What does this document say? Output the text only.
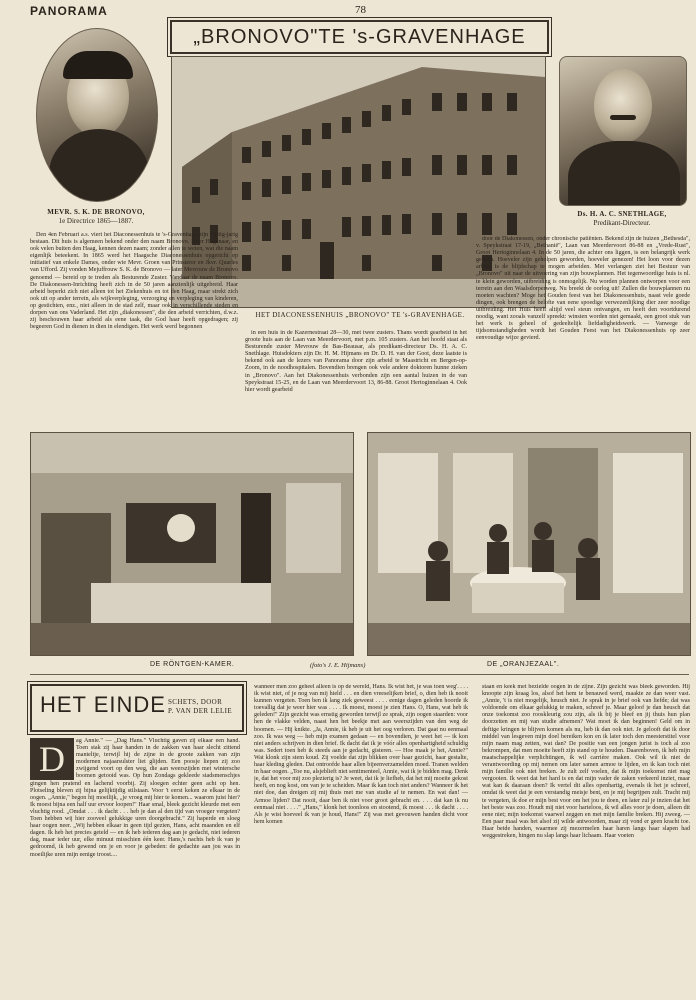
PANORAMA	78
„BRONOVO"TE 's-GRAVENHAGE
MEVR. S. K. DE BRONOVO,
1e Directrice 1865—1887.
HET DIACONESSENHUIS „BRONOVO" TE 's-GRAVENHAGE.
Ds. H. A. C. SNETHLAGE,
Predikant-Directeur.

Den 4en Februari a.s. viert het Diaconessenhuis te 's-Gravenhage zijn vijftig-jarig bestaan. Dit huis is algemeen bekend onder den naam Bronovo. Ieder Hagenaar, en ook velen buiten den Haag, kennen dezen naam; zonder allen te weten, wat die naam eigenlijk beteekent. In 1865 werd het Haagsche Diaconessenhuis opgericht op initiatief van enkele Dames, onder wie Mevr. Groen van Prinsterer en Jkvr. Quarles van Ufford. Zij vonden Mejuffrouw S. K. de Bronovo — later Mevrouw de Bronovo genoemd — bereid op te treden als Besturende Zuster. Vandaar de naam Bronovo. De Diakonessen-Inrichting heeft zich in de 50 jaren aanzienlijk uitgebreid. Haar arbeid beperkt zich niet alleen tot het Ziekenhuis en tot den Haag, maar strekt zich ook uit op ander terrein, als wijkverpleging, verzorging en verpleging van kinderen, op gestichten, enz., niet alleen in de stad zelf, maar ook in verschillende steden en dorpen van ons Vaderland. Het zijn „diakonessen", die den arbeid verrichten, d.w.z. zij beschouwen haar arbeid als eene taak, die God haar heeft opgedragen; zij begeeren God in dienen in dien in elendigen. Het werk werd begonnen

in een huis in de Kazernestraat 28—30, met twee zusters. Thans wordt gearbeid in het groote huis aan de Laan van Meerdervoort, met p.m. 105 zusters. Aan het hoofd staat als Besturende zuster Mevrouw de Bas-Beausar, als predikant-directeur Ds. H. A. C. Snethlage. Huisdokters zijn Dr. H. M. Hijmans en Dr. D. H. van der Goot, deze laatste is bekend ook aan de lezers van Panorama door zijn arbeid te Maastricht en Bergen-op-Zoom, in de noodhospitalen. Bovendien brengen ook vele andere doktoren hunne zieken in „Bronovo". Aan het Diakonessenhuis verbonden zijn een aantal huizen in de van Speykstraat 15-25, en de Laan van Meerdervoort 13, 86-88. Groot Hertoginnelaan 4. Ook hier wordt gearbeid

door de Diakonessen, onder chronische patiënten. Bekend zijn de huizen „Bethesda", v. Speykstraat 17-19, „Bethanië", Laan van Meerdervoort 86-88 en „Vrede-Rust", Groot Hertoginnelaan 4. In de 50 jaren, die achter ons liggen, is een belangrijk werk gedaan. Hoeveler zijn geholpen geworden, hoeveler genezen! Het loon voor dezen arbeid is de blijdschap te mogen arbeiden. Met verlangen ziet het Bestuur van „Bronovo" uit naar de uitvoering van zijn bouwplannen. Het tegenwoordige huis is nl. te klein geworden, uitbreiding is onmogelijk. Nu worden plannen ontworpen voor een terrein aan den Waalsdorperweg. Nu breekt de oorlog uit! Zullen die bouwplannen nu moeten wachten? Moge het Gouden feest van het Diakonessenhuis, naast vele goede dingen, ook brengen de belofte van eene spoedige verwezenlijking dier zeer noodige uitbreiding. Het Huis heeft altijd veel steun ontvangen, en heeft den voortdurend noodig, want zooals vanzelf spreekt: winsten worden niet gemaakt, een groot stuk van het werk is geheel of gedeeltelijk liefdadigheidswerk. — Vanwege de tijdsomstandigheden wordt het Gouden Feest van het Diakonessenhuis op zeer eenvoudige wijze gevierd.

DE RÖNTGEN-KAMER.	(foto's J. E. Hijmans)	DE „ORANJEZAAL".
HET EINDE SCHETS, DOOR
P. VAN DER LELIE
D	ag Annie." — „Dag Hans." Vluchtig gaven zij elkaar een hand. Toen stak zij haar handen in de zakken van haar slecht zittend manteltje, terwijl hij de zijne in de groote zakken van zijn modernen najaarsulster liet glijden. Een poosje liepen zij zoo zwijgend voort op den weg, die aan weerszijden met wintersche boomen getooid was. Op hun Zondags gekleede stadsmenschjes gingen hen pratend en lachend voorbij. Zij sloegen echter geen acht op hen. Plotseling bleven zij bijna gelijktijdig stilstaan. Voor 't eerst keken ze elkaar in de oogen. „Annie," begon hij moeilijk, „je vroeg mij hier te komen... waarom juist hier? Ik moest bijna een half uur ervoor loopen!" Haar smal, bleek gezicht kleurde met een vluchtig rood. „Omdat . . . ik dacht . . . heb je dan al den tijd van vroeger vergeten? Toen hebben wij hier zooveel gelukkige uren doorgebracht." Zij haperde en sloeg haar oogen neer. „Wij hebben elkaar in geen tijd gezien, Hans, acht maanden en elf dagen. Ik heb het precies geteld — en ik heb iederen dag aan je gedacht, niet iederen dag, maar ieder uur, elke minuut misschien één keer. Hans,'s nachts heb ik van je gedroomd, ik heb gewend om je en voor je gebeden: de gedachte aan jou was in moeilijke uren mijn eenige troost....
wanneer men zoo geheel alleen is op de wereld, Hans. Ik wist het, je was toen weg'. . . . ik wist niet, of je nog van mij hield . . . en dien vreeselijken brief, o, dien heb ik nooit kunnen vergeten. Toen ben ik lang ziek geweest . . . . eenige dagen geleden hoorde ik toevallig dat je weer hier was . . . . Ik moest, moest je zien Hans. O, Hans, wat heb ik geleden!" Zijn gezicht was ernstig geworden terwijl ze sprak, zijn oogen staarden: voor hen de vlakke velden, naast hen het beekje met aan weerszijden van den weg de boomen. — Hij knikte. „Ja, Annie, ik heb je uit het oog verloren. Dat gaat nu eenmaal zoo. Ik was weg — heb mijn examen gedaan — en bovendien, je weet het — ik kon niet anders schrijven in dien brief. Ik dacht dat ik je vóór alles openhartigheid schuldig was. Sedert toen heb ik steeds aan je gedacht, gisteren. — Hoe maak je het, Annie?" Wat klonk zijn stem koud. Zij voelde dat zijn blikken over haar gezicht, haar gestalte, haar kleding gleden. Dat ontroofde haar allen bijeenverzamelden moed. Tranen welden in haar oogen. „Toe nu, alsjeblieft niet sentimenteel, Annie, wat ik je bidden mag. Denk je, dat het voor mij zoo plezierig is? Je weet, dat ik je liefheb, dat het mij moeite gekost heeft, en nog kost, om van je te scheiden. Maar ik kan toch niet anders? Wanneer ik het niet doe, dan dreigen zij mij thuis met me van studie af te nemen. En wat dan! — Armoe lijden? Dat nooit, daar ben ik niet voor groot gebracht en. . . . dat kan ik nu eenmaal niet . . . ." „Hans," klonk het toonloos en stootend, ik moest . . . ik dacht . . . . Als je wist hoeveel ik van je houd, Hans!" Zij was met gevouwen handen dicht voor hem komen
staan en keek met bezielde oogen in de zijne. Zijn gezicht was bleek geworden. Hij knoopte zijn kraag los, alsof het hem te benauwd werd, maakte ze dan weer vast. „Annie, 't is niet mogelijk, heusch niet. Je sprak in je brief ook van liefde; dat was voldoende om elkaar gelukkig te maken, schreef je. Maar geloof je dan heusch dat onze toekomst zoo rooskleurig zou zijn, als ik bij je bleef en jij thuis hun plan doorzetten en mij van studie afnemen? Wat moet ik dan beginnen! Geld om in deftige kringen te blijven komen als nu, heb ik dan ook niet. Je gelooft dat ik door middel van lesgeven mijn doel bereiken kon en ik later toch den meesterstitel voor mijn naam mag zetten, wat dan? De positie van een jongen jurist is toch al zoo bekrompen, dat men moeite heeft zijn stand op te houden. Daarenboven, ik heb mijn maatschappelijke verplichtingen, ik wil carrière maken. Ook wil ik niet de verantwoording op mij nemen om later samen armoe te lijden, en ik kan toch niet mijn familie ook niet breken. Je zult zelf voelen, dat ik mijn toekomst niet mag vergooien. Ik weet dat het hard is en dat mijn vader de zaken verkeerd inziet, maar wat kan ik daaraan doen? Ik vertel dit alles openhartig, evenals ik het je schreef, omdat ik weet dat je een verstandig meisje bent, en je mij begrijpen zult. Tracht mij te vergeten, ik doe er mijn best voor om het jou te doen, en later zul je inzien dat het het beste was zoo. Houdt mij niet voor harteloos, ik wil alles voor je doen, alleen dit eene niet; mijn toekomst vaarwel zeggen en met mijn familie breken. Hij zweeg. — Een paar maal was het alsof zij wilde antwoorden, maar zij vond er geen kracht toe. Haar beide handen, waarmee zij mezermelen haar haren langs haar slapen had weggestreken, hingen nu slap langs haar lichaam. Haar voeten
